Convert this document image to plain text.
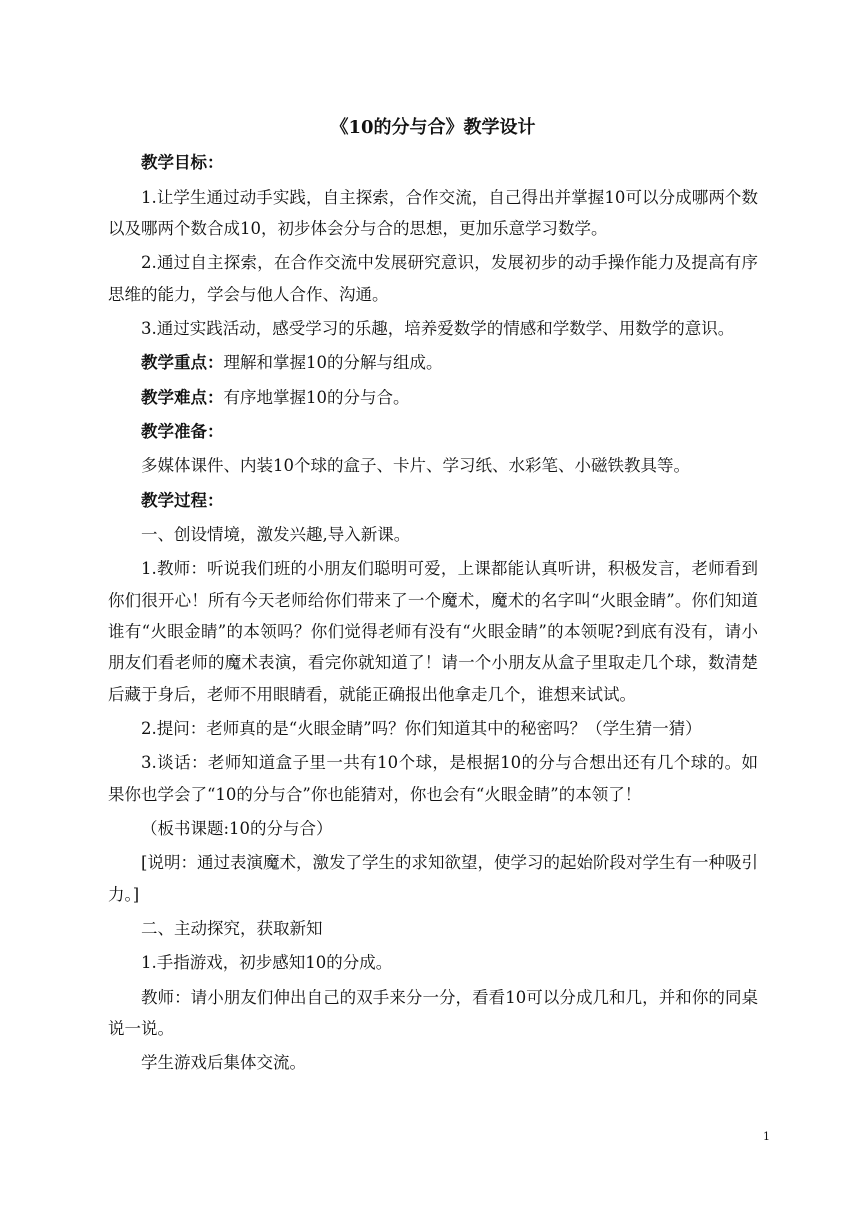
《10的分与合》教学设计

教学目标：

1.让学生通过动手实践，自主探索，合作交流，自己得出并掌握10可以分成哪两个数以及哪两个数合成10，初步体会分与合的思想，更加乐意学习数学。

2.通过自主探索，在合作交流中发展研究意识，发展初步的动手操作能力及提高有序思维的能力，学会与他人合作、沟通。

3.通过实践活动，感受学习的乐趣，培养爱数学的情感和学数学、用数学的意识。

教学重点：理解和掌握10的分解与组成。

教学难点：有序地掌握10的分与合。

教学准备：

多媒体课件、内装10个球的盒子、卡片、学习纸、水彩笔、小磁铁教具等。

教学过程：

一、创设情境，激发兴趣,导入新课。

1.教师：听说我们班的小朋友们聪明可爱，上课都能认真听讲，积极发言，老师看到你们很开心！所有今天老师给你们带来了一个魔术，魔术的名字叫“火眼金睛”。你们知道谁有“火眼金睛”的本领吗？你们觉得老师有没有“火眼金睛”的本领呢?到底有没有，请小朋友们看老师的魔术表演，看完你就知道了！请一个小朋友从盒子里取走几个球，数清楚后藏于身后，老师不用眼睛看，就能正确报出他拿走几个，谁想来试试。

2.提问：老师真的是“火眼金睛”吗？你们知道其中的秘密吗？（学生猜一猜）

3.谈话：老师知道盒子里一共有10个球，是根据10的分与合想出还有几个球的。如果你也学会了“10的分与合”你也能猜对，你也会有“火眼金睛”的本领了！

（板书课题:10的分与合）

[说明：通过表演魔术，激发了学生的求知欲望，使学习的起始阶段对学生有一种吸引力。]

二、主动探究，获取新知

1.手指游戏，初步感知10的分成。

教师：请小朋友们伸出自己的双手来分一分，看看10可以分成几和几，并和你的同桌说一说。

学生游戏后集体交流。

1
